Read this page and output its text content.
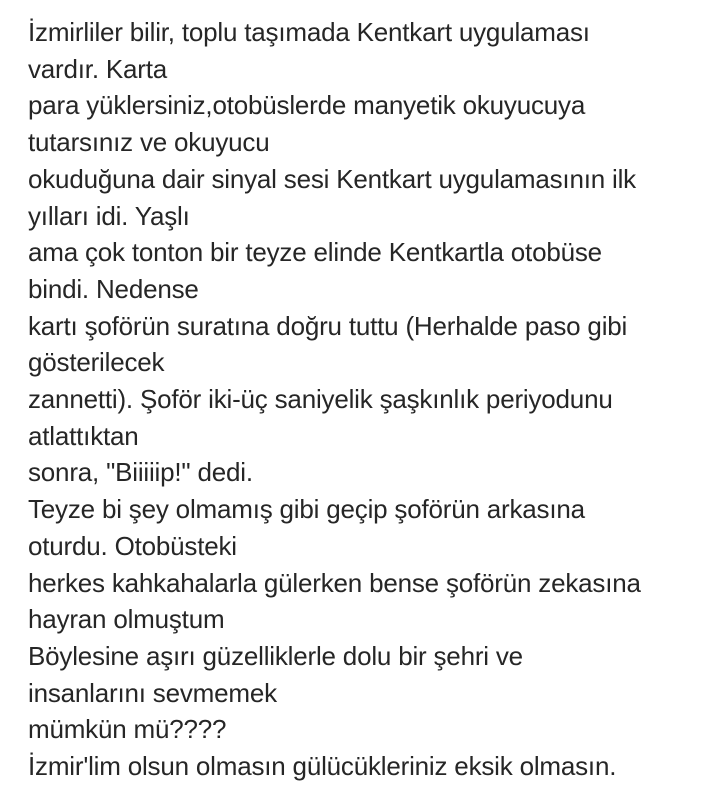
İzmirliler bilir, toplu taşımada Kentkart uygulaması
vardır. Karta
para yüklersiniz,otobüslerde manyetik okuyucuya
tutarsınız ve okuyucu
okuduğuna dair sinyal sesi Kentkart uygulamasının ilk
yılları idi. Yaşlı
ama çok tonton bir teyze elinde Kentkartla otobüse
bindi. Nedense
kartı şoförün suratına doğru tuttu (Herhalde paso gibi
gösterilecek
zannetti). Şoför iki-üç saniyelik şaşkınlık periyodunu
atlattıktan
sonra, "Biiiiip!" dedi.
Teyze bi şey olmamış gibi geçip şoförün arkasına
oturdu. Otobüsteki
herkes kahkahalarla gülerken bense şoförün zekasına
hayran olmuştum
Böylesine aşırı güzelliklerle dolu bir şehri ve
insanlarını sevmemek
mümkün mü????
İzmir'lim olsun olmasın gülücükleriniz eksik olmasın.
